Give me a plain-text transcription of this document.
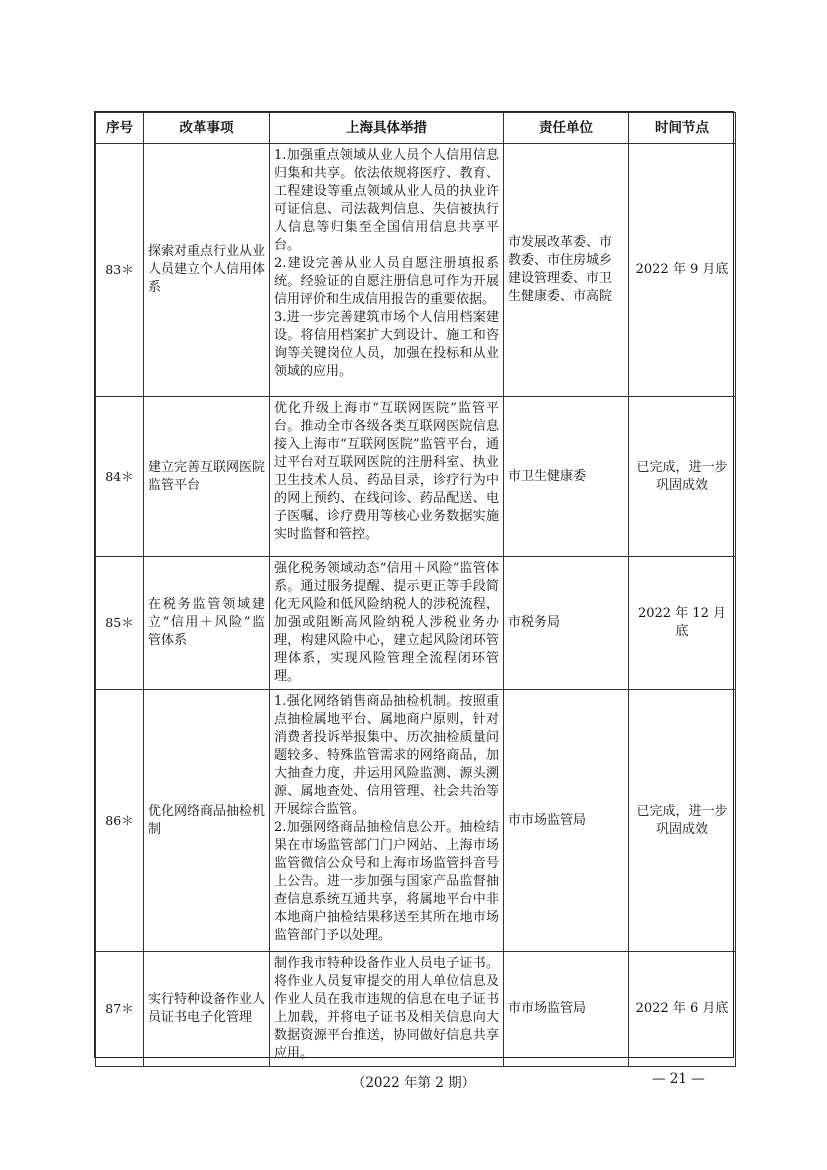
序号	改革事项	上海具体举措	责任单位	时间节点
83＊	探索对重点行业从业人员建立个人信用体系	1.加强重点领域从业人员个人信用信息归集和共享。依法依规将医疗、教育、工程建设等重点领域从业人员的执业许可证信息、司法裁判信息、失信被执行人信息等归集至全国信用信息共享平台。
2.建设完善从业人员自愿注册填报系统。经验证的自愿注册信息可作为开展信用评价和生成信用报告的重要依据。
3.进一步完善建筑市场个人信用档案建设。将信用档案扩大到设计、施工和咨询等关键岗位人员，加强在投标和从业领域的应用。	市发展改革委、市教委、市住房城乡建设管理委、市卫生健康委、市高院	2022 年 9 月底
84＊	建立完善互联网医院监管平台	优化升级上海市“互联网医院”监管平台。推动全市各级各类互联网医院信息接入上海市“互联网医院”监管平台，通过平台对互联网医院的注册科室、执业卫生技术人员、药品目录，诊疗行为中的网上预约、在线问诊、药品配送、电子医嘱、诊疗费用等核心业务数据实施实时监督和管控。	市卫生健康委	已完成，进一步巩固成效
85＊	在税务监管领域建立“信用＋风险”监管体系	强化税务领域动态“信用＋风险”监管体系。通过服务提醒、提示更正等手段简化无风险和低风险纳税人的涉税流程，加强或阻断高风险纳税人涉税业务办理，构建风险中心，建立起风险闭环管理体系，实现风险管理全流程闭环管理。	市税务局	2022 年 12 月底
86＊	优化网络商品抽检机制	1.强化网络销售商品抽检机制。按照重点抽检属地平台、属地商户原则，针对消费者投诉举报集中、历次抽检质量问题较多、特殊监管需求的网络商品，加大抽查力度，并运用风险监测、源头溯源、属地查处、信用管理、社会共治等开展综合监管。
2.加强网络商品抽检信息公开。抽检结果在市场监管部门门户网站、上海市场监管微信公众号和上海市场监管抖音号上公告。进一步加强与国家产品监督抽查信息系统互通共享，将属地平台中非本地商户抽检结果移送至其所在地市场监管部门予以处理。	市市场监管局	已完成，进一步巩固成效
87＊	实行特种设备作业人员证书电子化管理	制作我市特种设备作业人员电子证书。将作业人员复审提交的用人单位信息及作业人员在我市违规的信息在电子证书上加载，并将电子证书及相关信息向大数据资源平台推送，协同做好信息共享应用。	市市场监管局	2022 年 6 月底
（2022 年第 2 期）	— 21 —
